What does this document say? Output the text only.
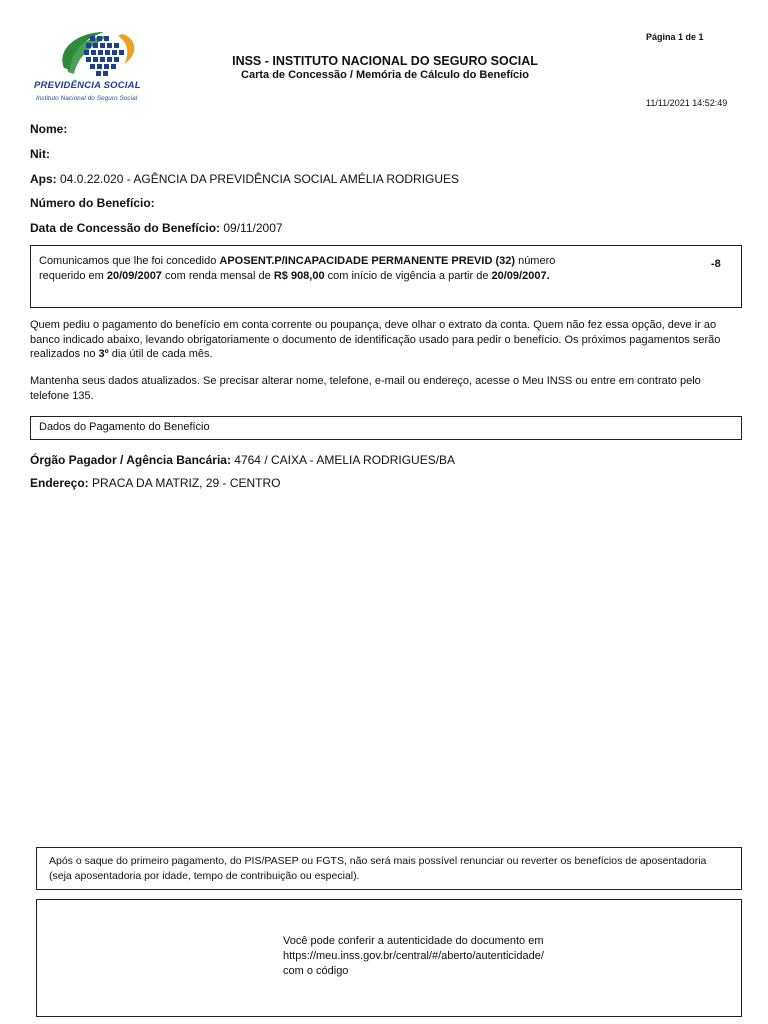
PREVIDÊNCIA SOCIAL
Instituto Nacional do Seguro Social
Página 1 de 1
INSS - INSTITUTO NACIONAL DO SEGURO SOCIAL
Carta de Concessão / Memória de Cálculo do Benefício
11/11/2021 14:52:49
Nome:
Nit:
Aps: 04.0.22.020 - AGÊNCIA DA PREVIDÊNCIA SOCIAL AMÉLIA RODRIGUES
Número do Benefício:
Data de Concessão do Benefício: 09/11/2007
Comunicamos que lhe foi concedido APOSENT.P/INCAPACIDADE PERMANENTE PREVID (32) número
requerido em 20/09/2007 com renda mensal de R$ 908,00 com início de vigência a partir de 20/09/2007.
-8
Quem pediu o pagamento do benefício em conta corrente ou poupança, deve olhar o extrato da conta. Quem não fez essa opção, deve ir ao banco indicado abaixo, levando obrigatoriamente o documento de identificação usado para pedir o benefício. Os próximos pagamentos serão realizados no 3º dia útil de cada mês.
Mantenha seus dados atualizados. Se precisar alterar nome, telefone, e-mail ou endereço, acesse o Meu INSS ou entre em contrato pelo telefone 135.
Dados do Pagamento do Benefício
Órgão Pagador / Agência Bancária: 4764 / CAIXA - AMELIA RODRIGUES/BA
Endereço: PRACA DA MATRIZ, 29 - CENTRO
Após o saque do primeiro pagamento, do PIS/PASEP ou FGTS, não será mais possível renunciar ou reverter os benefícios de aposentadoria (seja aposentadoria por idade, tempo de contribuição ou especial).
Você pode conferir a autenticidade do documento em
https://meu.inss.gov.br/central/#/aberto/autenticidade/
com o código
